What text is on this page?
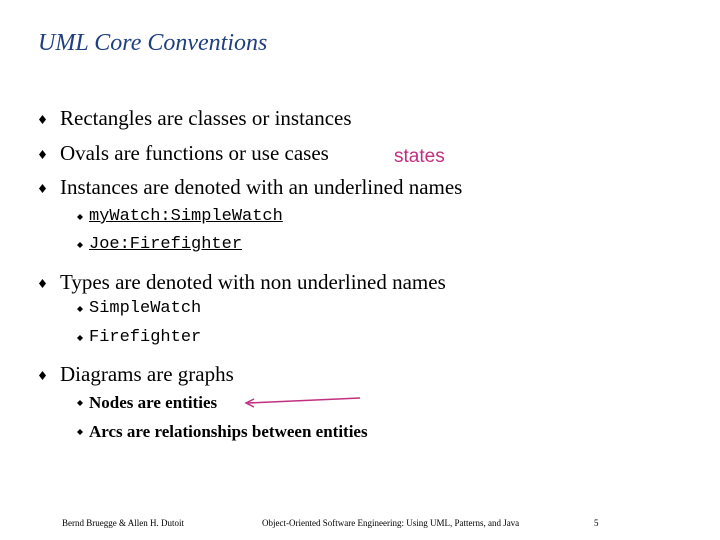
UML Core Conventions
Rectangles are classes or instances
Ovals are functions or use cases	states
Instances are denoted with an underlined names
myWatch:SimpleWatch
Joe:Firefighter
Types are denoted with non underlined names
SimpleWatch
Firefighter
Diagrams are graphs
Nodes are entities
Arcs are relationships between entities
Bernd Bruegge & Allen H. Dutoit	Object-Oriented Software Engineering: Using UML, Patterns, and Java	5
